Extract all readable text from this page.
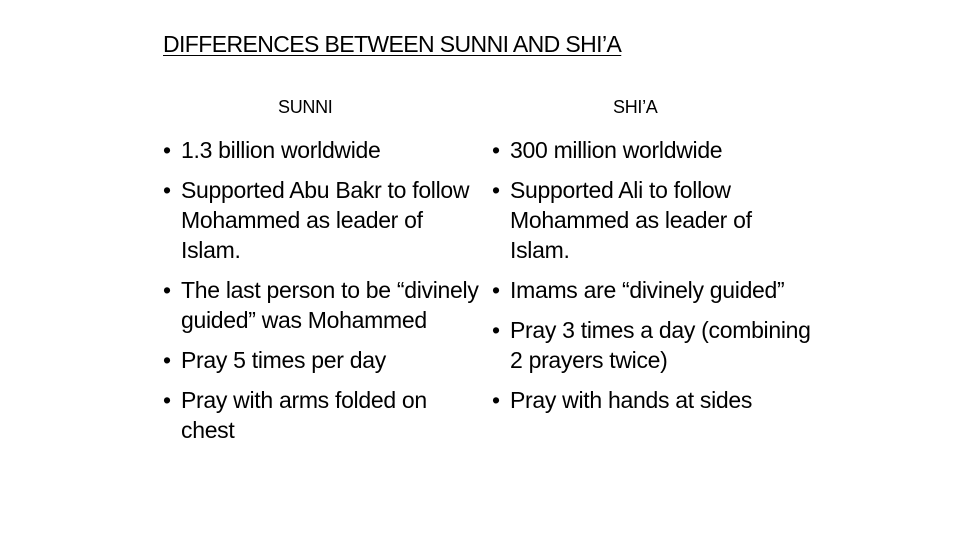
DIFFERENCES BETWEEN SUNNI AND SHI’A
SUNNI	SHI’A
• 1.3 billion worldwide
• Supported Abu Bakr to follow Mohammed as leader of Islam.
• The last person to be “divinely guided” was Mohammed
• Pray 5 times per day
• Pray with arms folded on chest
• 300 million worldwide
• Supported Ali to follow Mohammed as leader of Islam.
• Imams are “divinely guided”
• Pray 3 times a day (combining 2 prayers twice)
• Pray with hands at sides
